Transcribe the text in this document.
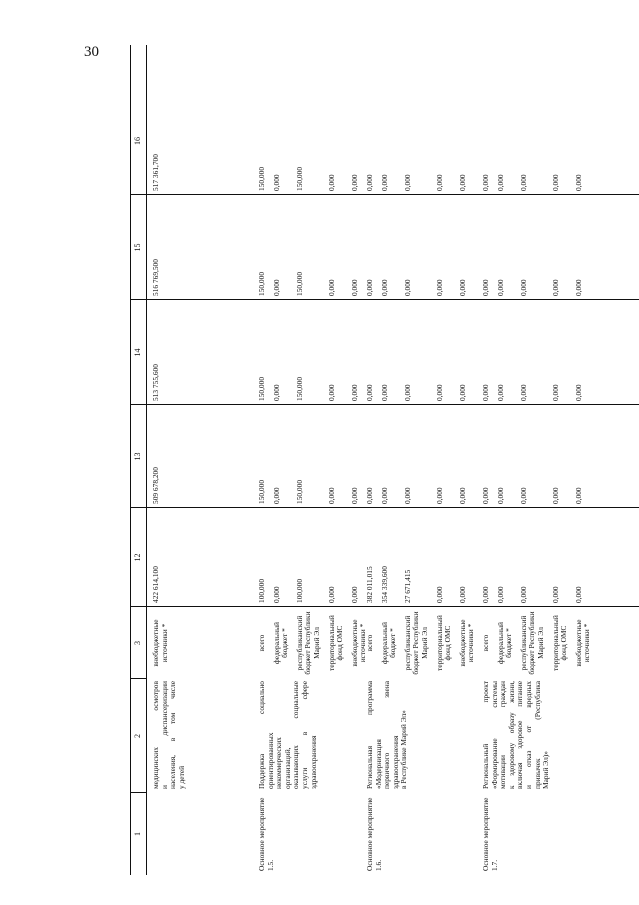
30
1
2
3
12
13
14
15
16
медицинских осмотров и диспансеризации населения, в том числе у детей
внебюджетные источники *
422 614,100
509 678,200
513 755,600
516 769,500
517 361,700
Основное мероприятие 1.5.
Поддержка социально ориентированных некоммерческих организаций, оказывающих социальные услуги в сфере здравоохранения
всего
100,000
150,000
150,000
150,000
150,000
федеральный бюджет *
0,000
0,000
0,000
0,000
0,000
республиканский бюджет Республики Марий Эл
100,000
150,000
150,000
150,000
150,000
территориальный фонд ОМС
0,000
0,000
0,000
0,000
0,000
внебюджетные источники *
0,000
0,000
0,000
0,000
0,000
Основное мероприятие 1.6.
Региональная программа «Модернизация первичного звена здравоохранения в Республике Марий Эл»
всего
382 011,015
0,000
0,000
0,000
0,000
федеральный бюджет *
354 339,600
0,000
0,000
0,000
0,000
республиканский бюджет Республики Марий Эл
27 671,415
0,000
0,000
0,000
0,000
территориальный фонд ОМС
0,000
0,000
0,000
0,000
0,000
внебюджетные источники *
0,000
0,000
0,000
0,000
0,000
Основное мероприятие 1.7.
Региональный проект «Формирование системы мотивации граждан к здоровому образу жизни, включая здоровое питание и отказ от вредных привычек (Республика Марий Эл)»
всего
0,000
0,000
0,000
0,000
0,000
федеральный бюджет *
0,000
0,000
0,000
0,000
0,000
республиканский бюджет Республики Марий Эл
0,000
0,000
0,000
0,000
0,000
территориальный фонд ОМС
0,000
0,000
0,000
0,000
0,000
внебюджетные источники *
0,000
0,000
0,000
0,000
0,000
